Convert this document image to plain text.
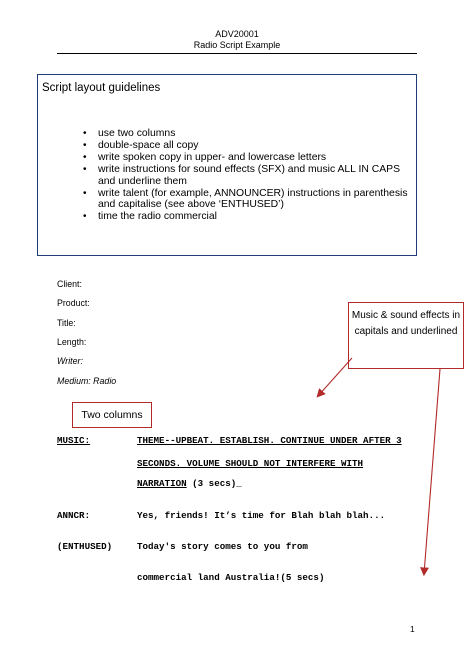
ADV20001
Radio Script Example
Script layout guidelines
• use two columns
• double-space all copy
• write spoken copy in upper- and lowercase letters
• write instructions for sound effects (SFX) and music ALL IN CAPS and underline them
• write talent (for example, ANNOUNCER) instructions in parenthesis and capitalise (see above ‘ENTHUSED’)
• time the radio commercial
Client:
Product:
Title:
Length:
Writer:
Medium: Radio
Music & sound effects in capitals and underlined
Two columns
MUSIC:	THEME--UPBEAT. ESTABLISH. CONTINUE UNDER AFTER 3
SECONDS. VOLUME SHOULD NOT INTERFERE WITH
NARRATION (3 secs)_
ANNCR:	Yes, friends! It’s time for Blah blah blah...
(ENTHUSED)	Today's story comes to you from
commercial land Australia!(5 secs)
1
